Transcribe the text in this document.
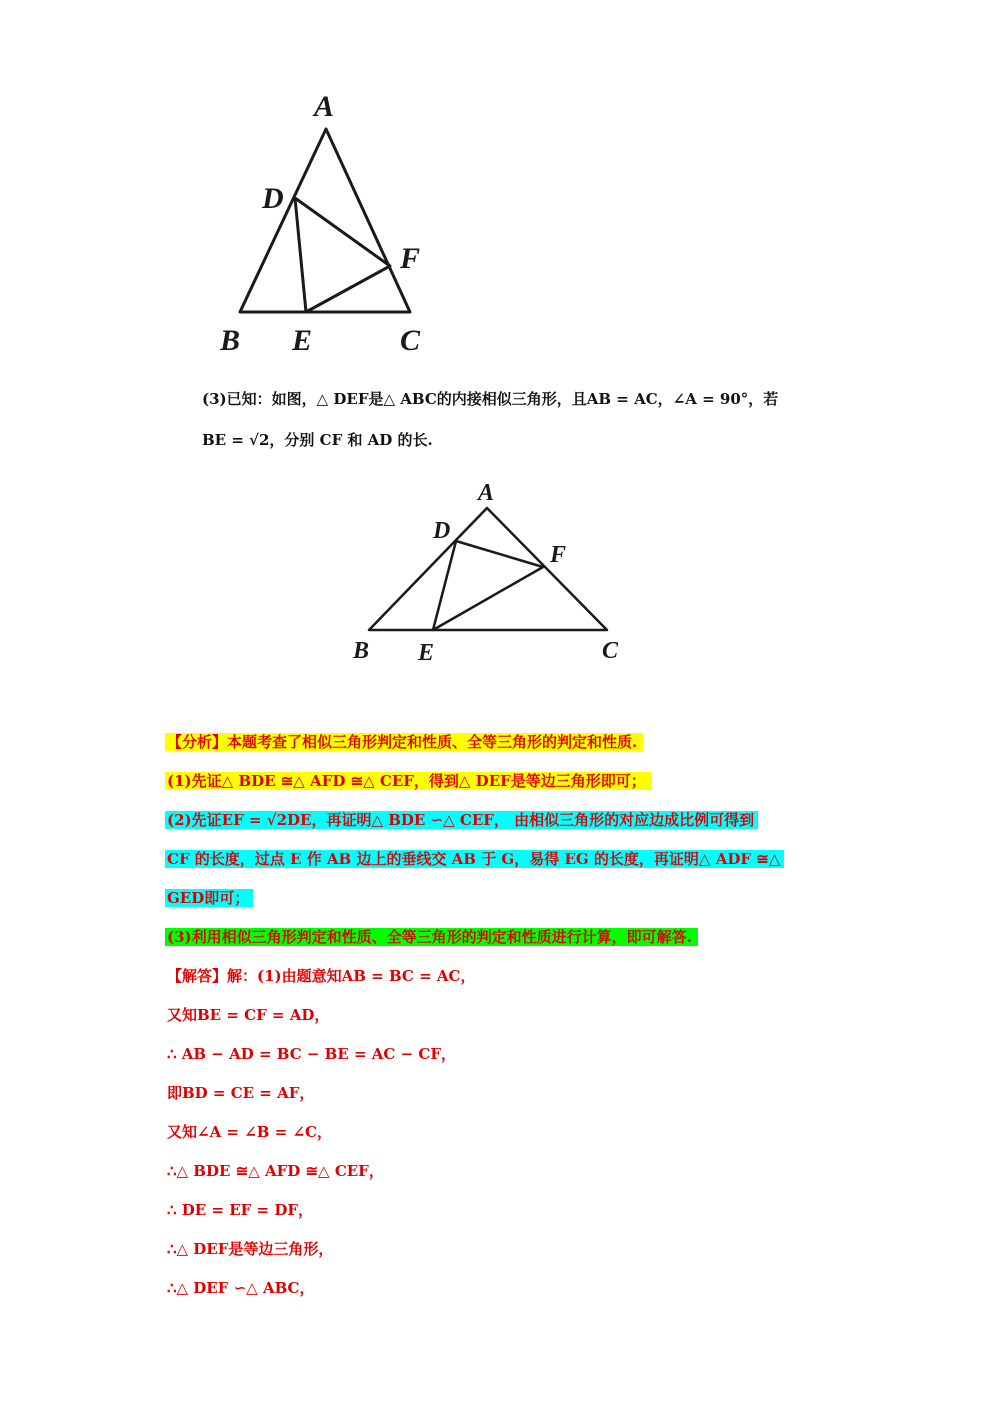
A
D
F
B E	C
(3)已知：如图，△ DEF是△ ABC的内接相似三角形，且AB = AC，∠A = 90°，若
BE = √2，分别 CF 和 AD 的长.
A
D
F
B E	C
【分析】本题考查了相似三角形判定和性质、全等三角形的判定和性质.
(1)先证△ BDE ≅△ AFD ≅△ CEF，得到△ DEF是等边三角形即可；
(2)先证EF = √2DE，再证明△ BDE ∽△ CEF， 由相似三角形的对应边成比例可得到
CF 的长度，过点 E 作 AB 边上的垂线交 AB 于 G，易得 EG 的长度，再证明△ ADF ≅△
GED即可；
(3)利用相似三角形判定和性质、全等三角形的判定和性质进行计算，即可解答.
【解答】解：(1)由题意知AB = BC = AC，
又知BE = CF = AD，
∴ AB − AD = BC − BE = AC − CF，
即BD = CE = AF，
又知∠A = ∠B = ∠C，
∴△ BDE ≅△ AFD ≅△ CEF，
∴ DE = EF = DF，
∴△ DEF是等边三角形，
∴△ DEF ∽△ ABC，
